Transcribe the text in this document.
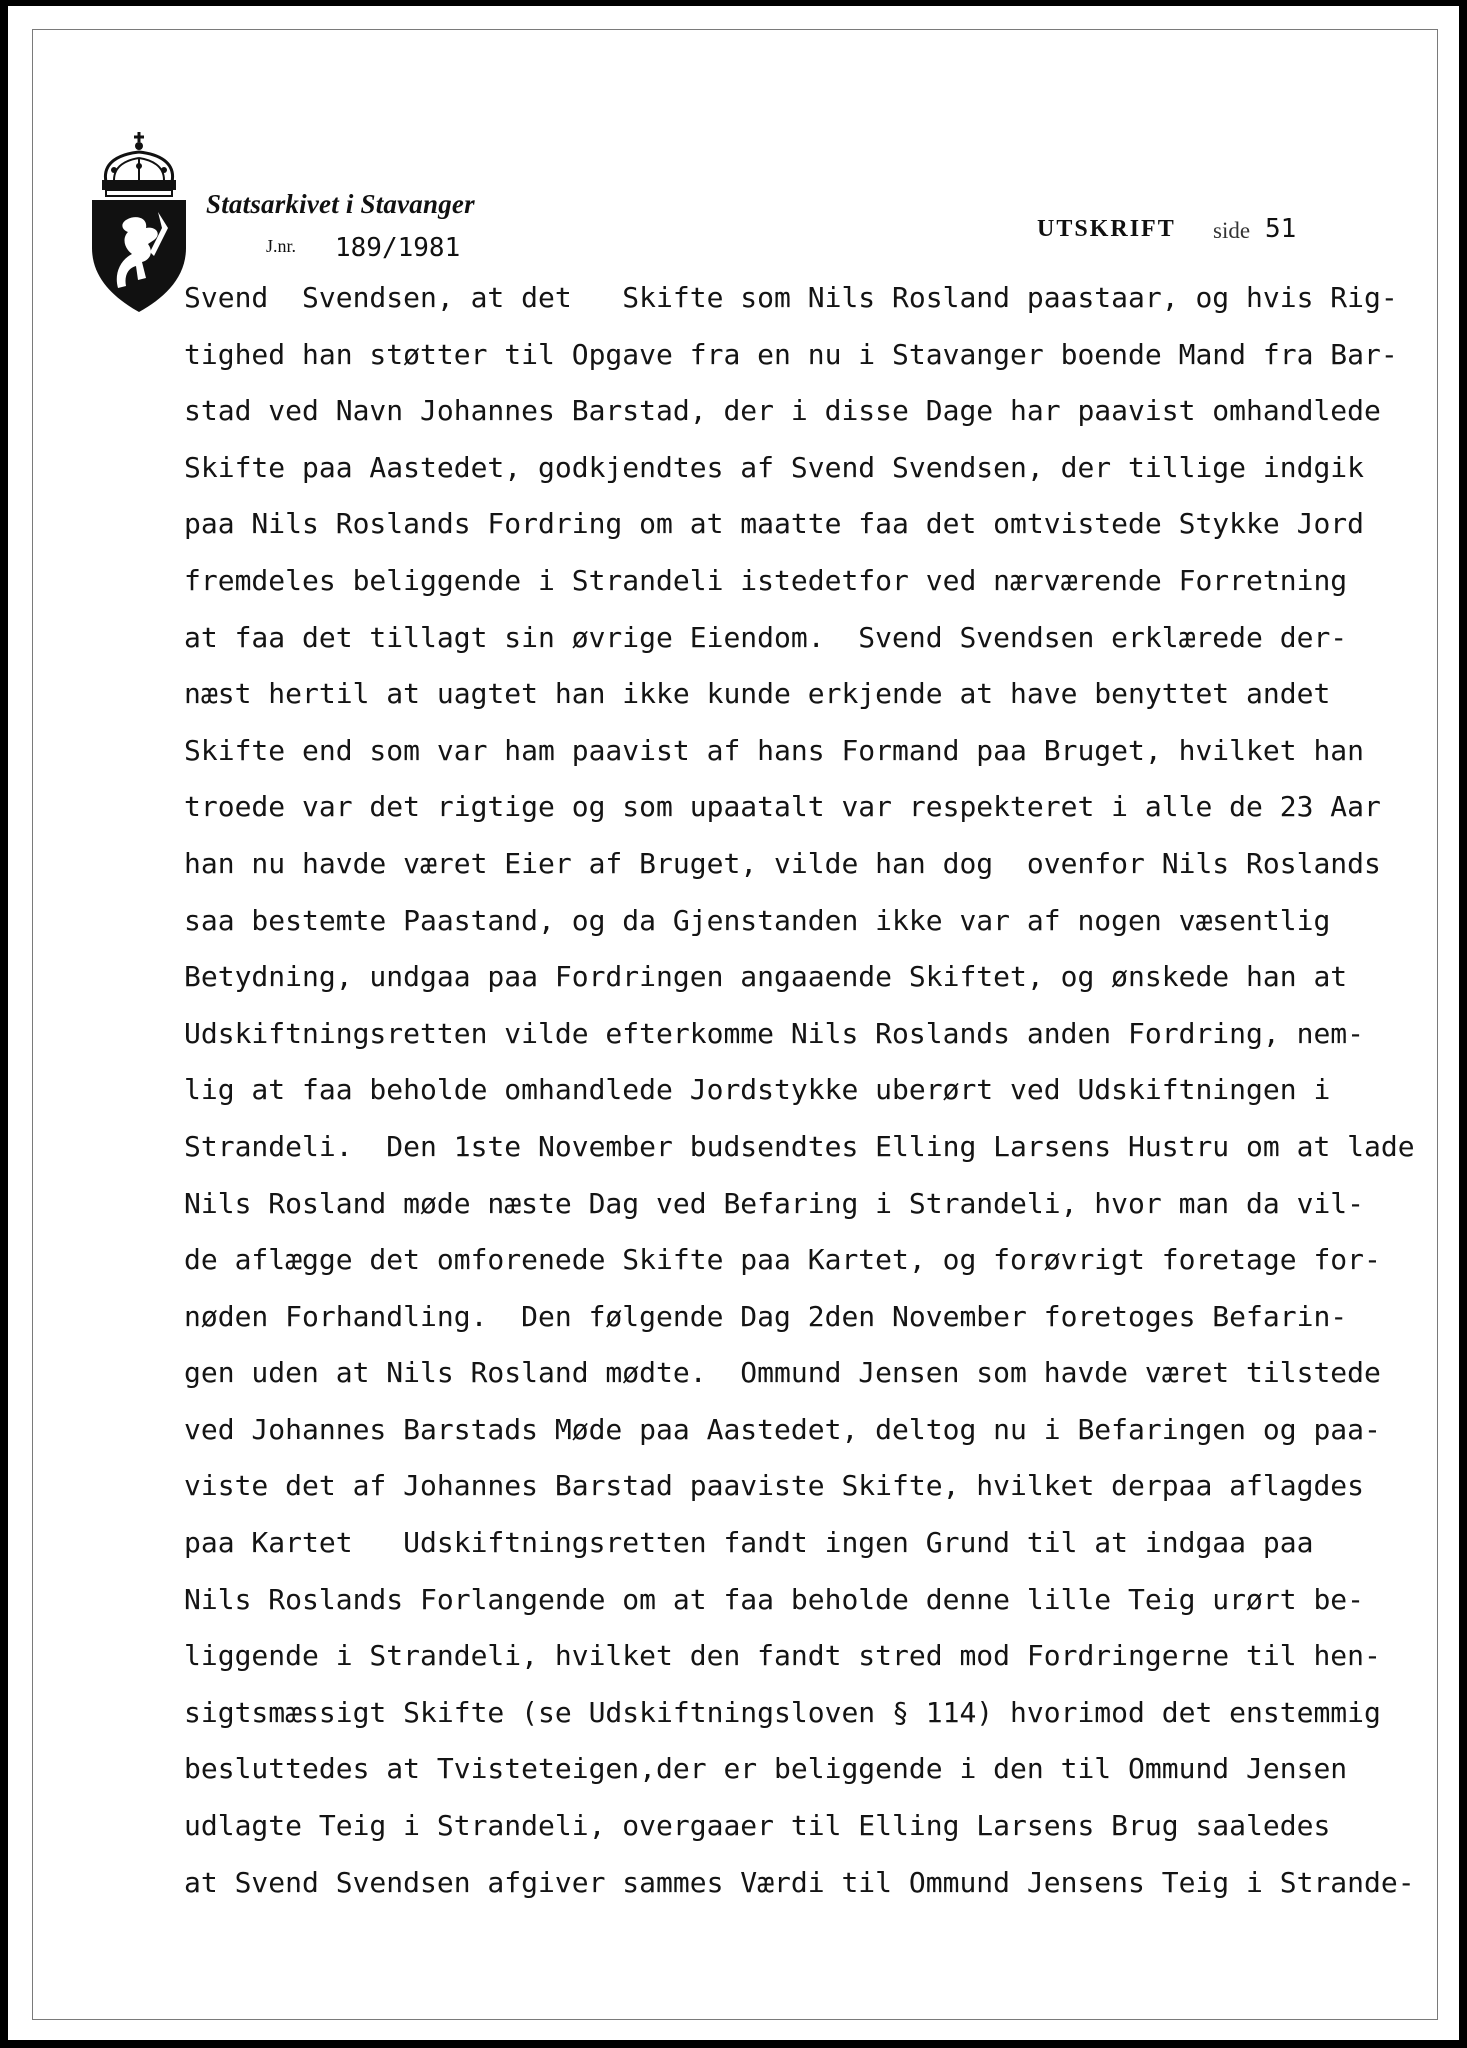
Statsarkivet i Stavanger
$^{J.nr.}$ 189/1981
UTSKRIFT side 51
Svend  Svendsen, at det   Skifte som Nils Rosland paastaar, og hvis Rig-
tighed han støtter til Opgave fra en nu i Stavanger boende Mand fra Bar-
stad ved Navn Johannes Barstad, der i disse Dage har paavist omhandlede
Skifte paa Aastedet, godkjendtes af Svend Svendsen, der tillige indgik
paa Nils Roslands Fordring om at maatte faa det omtvistede Stykke Jord
fremdeles beliggende i Strandeli istedetfor ved nærværende Forretning
at faa det tillagt sin øvrige Eiendom.  Svend Svendsen erklærede der-
næst hertil at uagtet han ikke kunde erkjende at have benyttet andet
Skifte end som var ham paavist af hans Formand paa Bruget, hvilket han
troede var det rigtige og som upaatalt var respekteret i alle de 23 Aar
han nu havde været Eier af Bruget, vilde han dog  ovenfor Nils Roslands
saa bestemte Paastand, og da Gjenstanden ikke var af nogen væsentlig
Betydning, undgaa paa Fordringen angaaende Skiftet, og ønskede han at
Udskiftningsretten vilde efterkomme Nils Roslands anden Fordring, nem-
lig at faa beholde omhandlede Jordstykke uberørt ved Udskiftningen i
Strandeli.  Den 1ste November budsendtes Elling Larsens Hustru om at lade
Nils Rosland møde næste Dag ved Befaring i Strandeli, hvor man da vil-
de aflægge det omforenede Skifte paa Kartet, og forøvrigt foretage for-
nøden Forhandling.  Den følgende Dag 2den November foretoges Befarin-
gen uden at Nils Rosland mødte.  Ommund Jensen som havde været tilstede
ved Johannes Barstads Møde paa Aastedet, deltog nu i Befaringen og paa-
viste det af Johannes Barstad paaviste Skifte, hvilket derpaa aflagdes
paa Kartet   Udskiftningsretten fandt ingen Grund til at indgaa paa
Nils Roslands Forlangende om at faa beholde denne lille Teig urørt be-
liggende i Strandeli, hvilket den fandt stred mod Fordringerne til hen-
sigtsmæssigt Skifte (se Udskiftningsloven § 114) hvorimod det enstemmig
besluttedes at Tvisteteigen,der er beliggende i den til Ommund Jensen
udlagte Teig i Strandeli, overgaaer til Elling Larsens Brug saaledes
at Svend Svendsen afgiver sammes Værdi til Ommund Jensens Teig i Strande-
